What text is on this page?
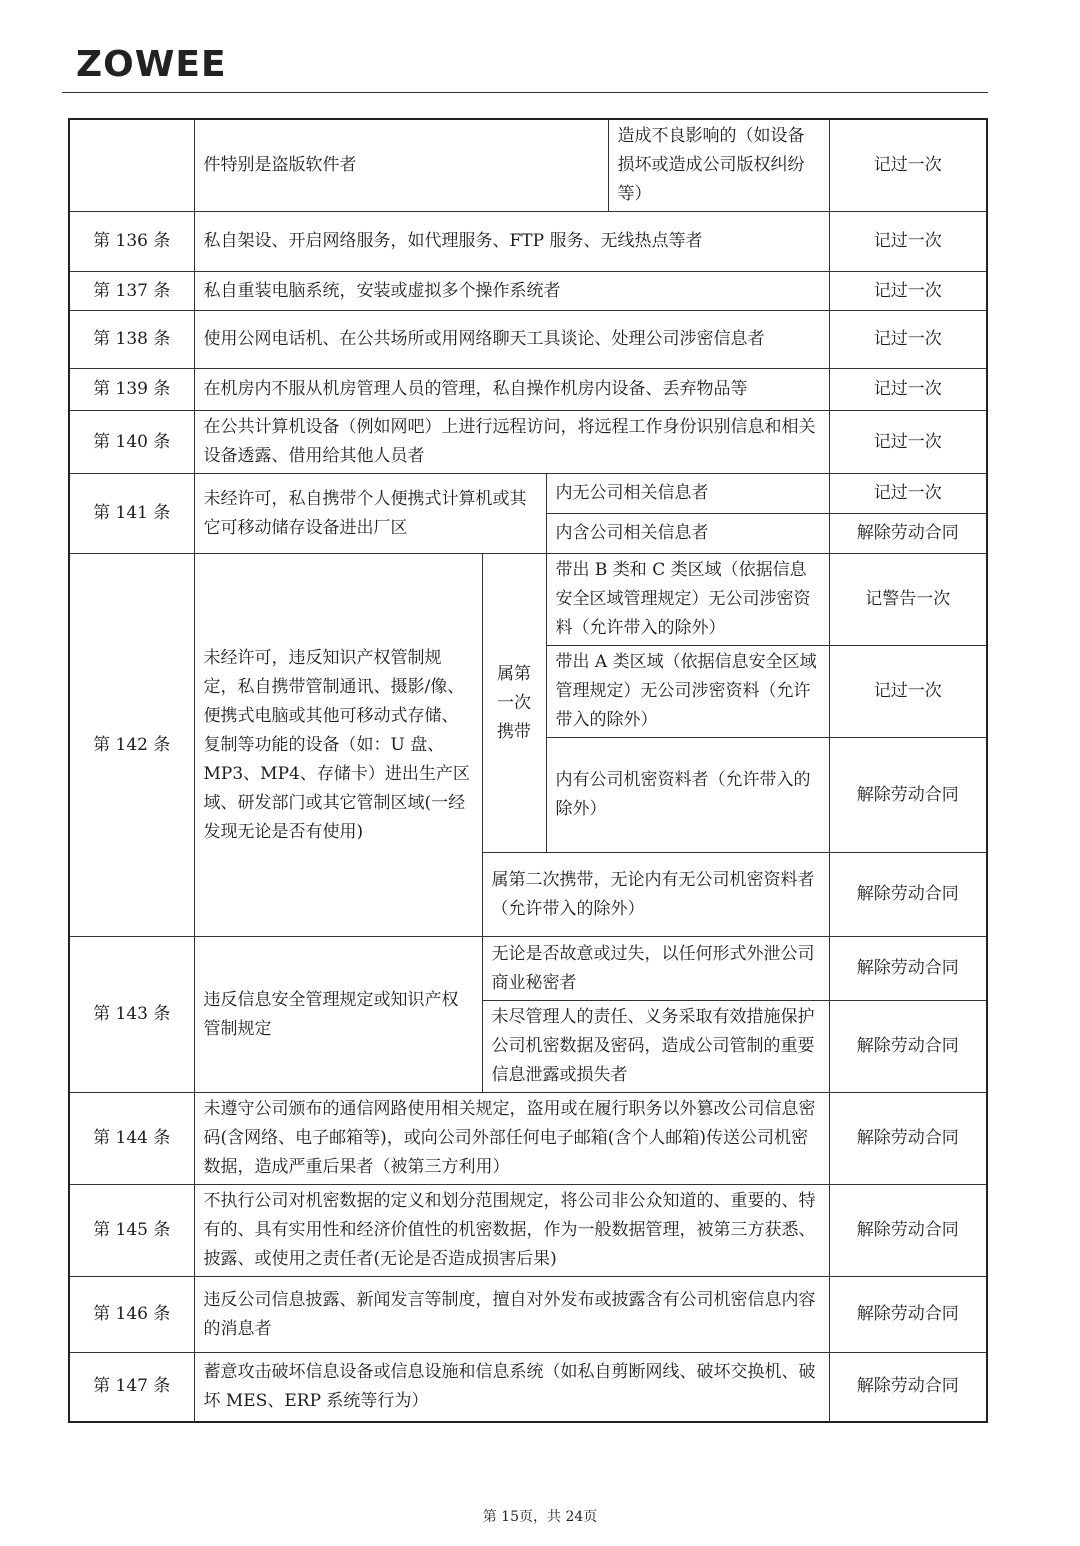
ZOWEE
	件特别是盗版软件者			造成不良影响的（如设备损坏或造成公司版权纠纷等）	记过一次
第 136 条	私自架设、开启网络服务，如代理服务、FTP 服务、无线热点等者				记过一次
第 137 条	私自重装电脑系统，安装或虚拟多个操作系统者				记过一次
第 138 条	使用公网电话机、在公共场所或用网络聊天工具谈论、处理公司涉密信息者				记过一次
第 139 条	在机房内不服从机房管理人员的管理，私自操作机房内设备、丢弃物品等				记过一次
第 140 条	在公共计算机设备（例如网吧）上进行远程访问，将远程工作身份识别信息和相关设备透露、借用给其他人员者				记过一次
第 141 条	未经许可，私自携带个人便携式计算机或其它可移动储存设备进出厂区		内无公司相关信息者		记过一次
			内含公司相关信息者		解除劳动合同
第 142 条	未经许可，违反知识产权管制规定，私自携带管制通讯、摄影/像、便携式电脑或其他可移动式存储、复制等功能的设备（如：U 盘、MP3、MP4、存储卡）进出生产区域、研发部门或其它管制区域(一经发现无论是否有使用)	属第一次携带	带出 B 类和 C 类区域（依据信息安全区域管理规定）无公司涉密资料（允许带入的除外）		记警告一次
			带出 A 类区域（依据信息安全区域管理规定）无公司涉密资料（允许带入的除外）		记过一次
			内有公司机密资料者（允许带入的除外）		解除劳动合同
		属第二次携带，无论内有无公司机密资料者（允许带入的除外）			解除劳动合同
第 143 条	违反信息安全管理规定或知识产权管制规定	无论是否故意或过失，以任何形式外泄公司商业秘密者			解除劳动合同
		未尽管理人的责任、义务采取有效措施保护公司机密数据及密码，造成公司管制的重要信息泄露或损失者			解除劳动合同
第 144 条	未遵守公司颁布的通信网路使用相关规定，盗用或在履行职务以外篡改公司信息密码(含网络、电子邮箱等)，或向公司外部任何电子邮箱(含个人邮箱)传送公司机密数据，造成严重后果者（被第三方利用）				解除劳动合同
第 145 条	不执行公司对机密数据的定义和划分范围规定，将公司非公众知道的、重要的、特有的、具有实用性和经济价值性的机密数据，作为一般数据管理，被第三方获悉、披露、或使用之责任者(无论是否造成损害后果)				解除劳动合同
第 146 条	违反公司信息披露、新闻发言等制度，擅自对外发布或披露含有公司机密信息内容的消息者				解除劳动合同
第 147 条	蓄意攻击破坏信息设备或信息设施和信息系统（如私自剪断网线、破坏交换机、破坏 MES、ERP 系统等行为）				解除劳动合同
第 15页，共 24页
